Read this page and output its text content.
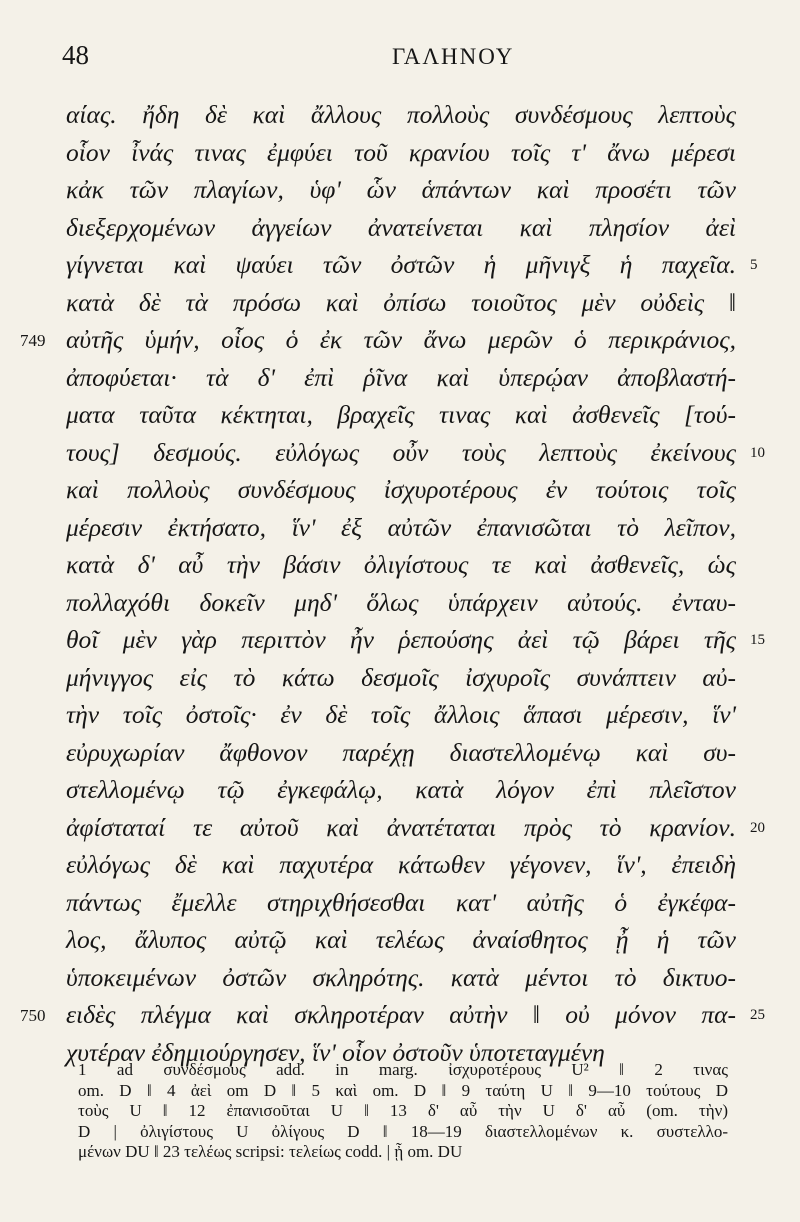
48	ΓΑΛΗΝΟΥ
αίας. ἤδη δὲ καὶ ἄλλους πολλοὺς συνδέσμους λεπτοὺς
οἷον ἶνάς τινας ἐμφύει τοῦ κρανίου τοῖς τ' ἄνω μέρεσι
κἀκ τῶν πλαγίων, ὑφ' ὧν ἁπάντων καὶ προσέτι τῶν
διεξερχομένων ἀγγείων ἀνατείνεται καὶ πλησίον ἀεὶ
γίγνεται καὶ ψαύει τῶν ὀστῶν ἡ μῆνιγξ ἡ παχεῖα. 5
κατὰ δὲ τὰ πρόσω καὶ ὀπίσω τοιοῦτος μὲν οὐδεὶς ‖
749 αὐτῆς ὑμήν, οἷος ὁ ἐκ τῶν ἄνω μερῶν ὁ περικράνιος,
ἀποφύεται· τὰ δ' ἐπὶ ῥῖνα καὶ ὑπερῴαν ἀποβλαστή-
ματα ταῦτα κέκτηται, βραχεῖς τινας καὶ ἀσθενεῖς [τού-
τους] δεσμούς. εὐλόγως οὖν τοὺς λεπτοὺς ἐκείνους 10
καὶ πολλοὺς συνδέσμους ἰσχυροτέρους ἐν τούτοις τοῖς
μέρεσιν ἐκτήσατο, ἵν' ἐξ αὐτῶν ἐπανισῶται τὸ λεῖπον,
κατὰ δ' αὖ τὴν βάσιν ὀλιγίστους τε καὶ ἀσθενεῖς, ὡς
πολλαχόθι δοκεῖν μηδ' ὅλως ὑπάρχειν αὐτούς. ἐνταυ-
θοῖ μὲν γὰρ περιττὸν ἦν ῥεπούσης ἀεὶ τῷ βάρει τῆς 15
μήνιγγος εἰς τὸ κάτω δεσμοῖς ἰσχυροῖς συνάπτειν αὐ-
τὴν τοῖς ὀστοῖς· ἐν δὲ τοῖς ἄλλοις ἅπασι μέρεσιν, ἵν'
εὐρυχωρίαν ἄφθονον παρέχῃ διαστελλομένῳ καὶ συ-
στελλομένῳ τῷ ἐγκεφάλῳ, κατὰ λόγον ἐπὶ πλεῖστον
ἀφίσταταί τε αὐτοῦ καὶ ἀνατέταται πρὸς τὸ κρανίον. 20
εὐλόγως δὲ καὶ παχυτέρα κάτωθεν γέγονεν, ἵν', ἐπειδὴ
πάντως ἔμελλε στηριχθήσεσθαι κατ' αὐτῆς ὁ ἐγκέφα-
λος, ἄλυπος αὐτῷ καὶ τελέως ἀναίσθητος ᾖ ἡ τῶν
ὑποκειμένων ὀστῶν σκληρότης. κατὰ μέντοι τὸ δικτυο-
750 ειδὲς πλέγμα καὶ σκληροτέραν αὐτὴν ‖ οὐ μόνον πα- 25
χυτέραν ἐδημιούργησεν, ἵν' οἷον ὀστοῦν ὑποτεταγμένη
1 ad συνδέσμους add. in marg. ἰσχυροτέρους U² ‖ 2 τινας
om. D ‖ 4 ἀεὶ om D ‖ 5 καὶ om. D ‖ 9 ταύτη U ‖ 9—10 τούτους D
τοὺς U ‖ 12 ἐπανισοῦται U ‖ 13 δ' αὖ τὴν U δ' αὖ (om. τὴν)
D | ὀλιγίστους U ὀλίγους D ‖ 18—19 διαστελλομένων κ. συστελλο-
μένων DU ‖ 23 τελέως scripsi: τελείως codd. | ᾖ om. DU
